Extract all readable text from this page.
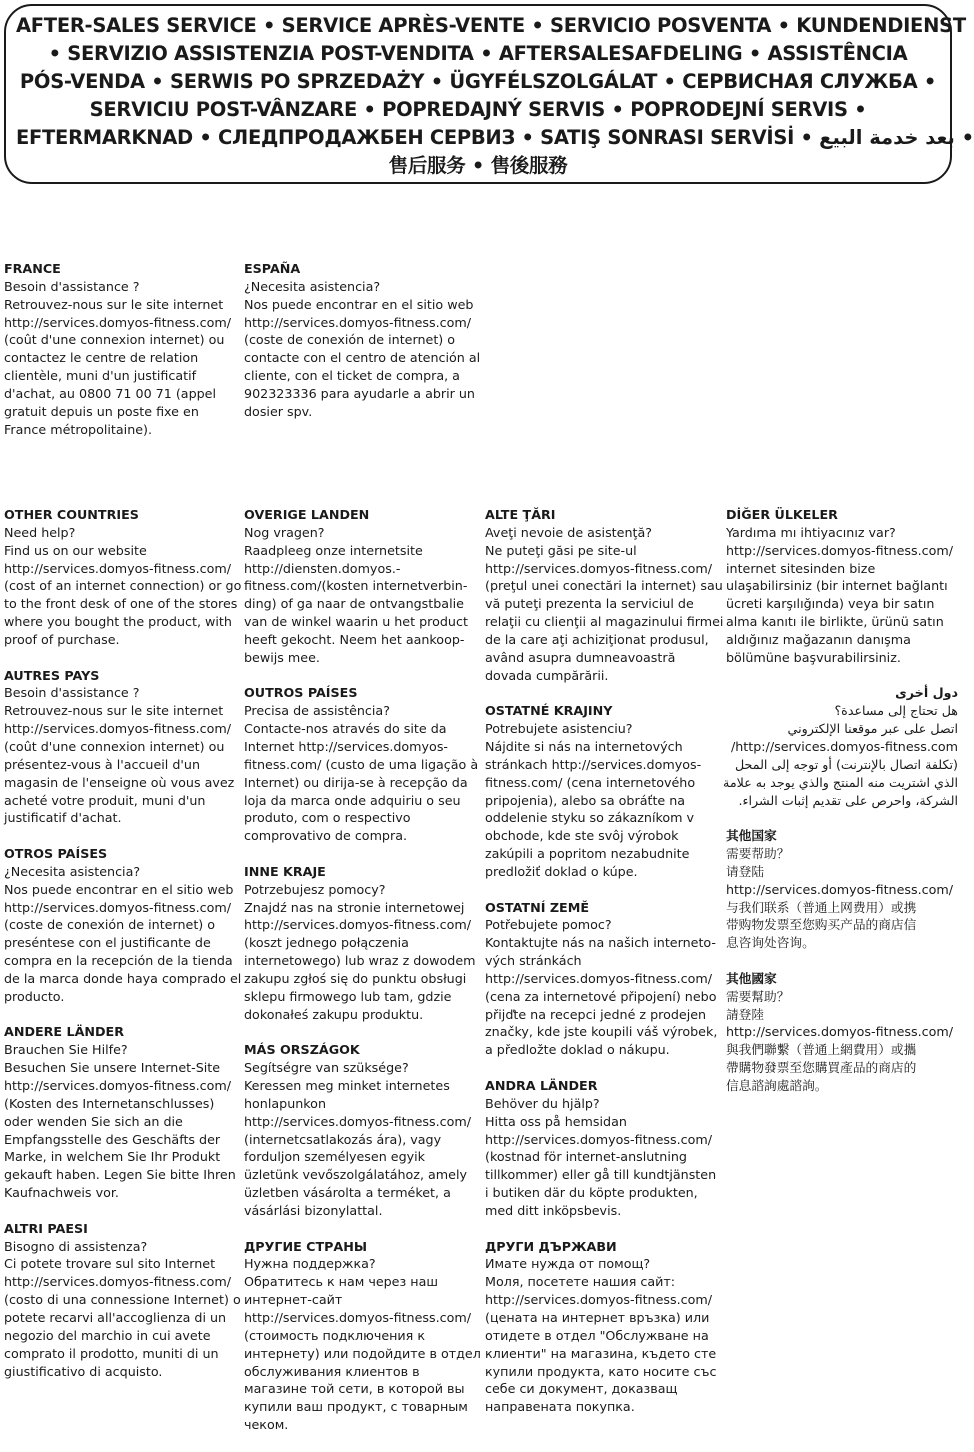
AFTER-SALES SERVICE • SERVICE APRÈS-VENTE • SERVICIO POSVENTA • KUNDENDIENST
• SERVIZIO ASSISTENZIA POST-VENDITA • AFTERSALESAFDELING • ASSISTÊNCIA
PÓS-VENDA • SERWIS PO SPRZEDAŻY • ÜGYFÉLSZOLGÁLAT • СЕРВИСНАЯ СЛУЖБА •
SERVICIU POST-VÂNZARE • POPREDAJNÝ SERVIS • POPRODEJNÍ SERVIS •
EFTERMARKNAD • СЛЕДПРОДАЖБЕН СЕРВИЗ • SATIŞ SONRASI SERVİSİ • بعد خدمة البيع •
售后服务 • 售後服務
FRANCE
Besoin d'assistance ?
Retrouvez-nous sur le site internet
http://services.domyos-fitness.com/
(coût d'une connexion internet) ou
contactez le centre de relation
clientèle, muni d'un justificatif
d'achat, au 0800 71 00 71 (appel
gratuit depuis un poste fixe en
France métropolitaine).
ESPAÑA
¿Necesita asistencia?
Nos puede encontrar en el sitio web
http://services.domyos-fitness.com/
(coste de conexión de internet) o
contacte con el centro de atención al
cliente, con el ticket de compra, a
902323336 para ayudarle a abrir un
dosier spv.
OTHER COUNTRIES
Need help?
Find us on our website
http://services.domyos-fitness.com/
(cost of an internet connection) or go
to the front desk of one of the stores
where you bought the product, with
proof of purchase.
AUTRES PAYS
Besoin d'assistance ?
Retrouvez-nous sur le site internet
http://services.domyos-fitness.com/
(coût d'une connexion internet) ou
présentez-vous à l'accueil d'un
magasin de l'enseigne où vous avez
acheté votre produit, muni d'un
justificatif d'achat.
OTROS PAÍSES
¿Necesita asistencia?
Nos puede encontrar en el sitio web
http://services.domyos-fitness.com/
(coste de conexión de internet) o
preséntese con el justificante de
compra en la recepción de la tienda
de la marca donde haya comprado el
producto.
ANDERE LÄNDER
Brauchen Sie Hilfe?
Besuchen Sie unsere Internet-Site
http://services.domyos-fitness.com/
(Kosten des Internetanschlusses)
oder wenden Sie sich an die
Empfangsstelle des Geschäfts der
Marke, in welchem Sie Ihr Produkt
gekauft haben. Legen Sie bitte Ihren
Kaufnachweis vor.
ALTRI PAESI
Bisogno di assistenza?
Ci potete trovare sul sito Internet
http://services.domyos-fitness.com/
(costo di una connessione Internet) o
potete recarvi all'accoglienza di un
negozio del marchio in cui avete
comprato il prodotto, muniti di un
giustificativo di acquisto.
OVERIGE LANDEN
Nog vragen?
Raadpleeg onze internetsite
http://diensten.domyos.-
fitness.com/(kosten internetverbin-
ding) of ga naar de ontvangstbalie
van de winkel waarin u het product
heeft gekocht. Neem het aankoop-
bewijs mee.
OUTROS PAÍSES
Precisa de assistência?
Contacte-nos através do site da
Internet http://services.domyos-
fitness.com/ (custo de uma ligação à
Internet) ou dirija-se à recepção da
loja da marca onde adquiriu o seu
produto, com o respectivo
comprovativo de compra.
INNE KRAJE
Potrzebujesz pomocy?
Znajdź nas na stronie internetowej
http://services.domyos-fitness.com/
(koszt jednego połączenia
internetowego) lub wraz z dowodem
zakupu zgłoś się do punktu obsługi
sklepu firmowego lub tam, gdzie
dokonałeś zakupu produktu.
MÁS ORSZÁGOK
Segítségre van szüksége?
Keressen meg minket internetes
honlapunkon
http://services.domyos-fitness.com/
(internetcsatlakozás ára), vagy
forduljon személyesen egyik
üzletünk vevőszolgálatához, amely
üzletben vásárolta a terméket, a
vásárlási bizonylattal.
ДРУГИЕ СТРАНЫ
Нужна поддержка?
Обратитесь к нам через наш
интернет-сайт
http://services.domyos-fitness.com/
(стоимость подключения к
интернету) или подойдите в отдел
обслуживания клиентов в
магазине той сети, в которой вы
купили ваш продукт, с товарным
чеком.
ALTE ŢĂRI
Aveţi nevoie de asistenţă?
Ne puteţi găsi pe site-ul
http://services.domyos-fitness.com/
(preţul unei conectări la internet) sau
vă puteţi prezenta la serviciul de
relaţii cu clienţii al magazinului firmei
de la care aţi achiziţionat produsul,
având asupra dumneavoastră
dovada cumpărării.
OSTATNÉ KRAJINY
Potrebujete asistenciu?
Nájdite si nás na internetových
stránkach http://services.domyos-
fitness.com/ (cena internetového
pripojenia), alebo sa obráťte na
oddelenie styku so zákazníkom v
obchode, kde ste svôj výrobok
zakúpili a popritom nezabudnite
predložiť doklad o kúpe.
OSTATNÍ ZEMĚ
Potřebujete pomoc?
Kontaktujte nás na našich interneto-
vých stránkách
http://services.domyos-fitness.com/
(cena za internetové připojení) nebo
přijďte na recepci jedné z prodejen
značky, kde jste koupili váš výrobek,
a předložte doklad o nákupu.
ANDRA LÄNDER
Behöver du hjälp?
Hitta oss på hemsidan
http://services.domyos-fitness.com/
(kostnad för internet-anslutning
tillkommer) eller gå till kundtjänsten
i butiken där du köpte produkten,
med ditt inköpsbevis.
ДРУГИ ДЪРЖАВИ
Имате нужда от помощ?
Моля, посетете нашия сайт:
http://services.domyos-fitness.com/
(цената на интернет връзка) или
отидете в отдел "Обслужване на
клиенти" на магазина, където сте
купили продукта, като носите със
себе си документ, доказващ
направената покупка.
DİĞER ÜLKELER
Yardıma mı ihtiyacınız var?
http://services.domyos-fitness.com/
internet sitesinden bize
ulaşabilirsiniz (bir internet bağlantı
ücreti karşılığında) veya bir satın
alma kanıtı ile birlikte, ürünü satın
aldığınız mağazanın danışma
bölümüne başvurabilirsiniz.
دول أخرى
هل تحتاج إلى مساعدة؟
اتصل على عبر موقعنا الإلكتروني
http://services.domyos-fitness.com/
(تكلفة اتصال بالإنترنت) أو توجه إلى المحل
الذي اشتريت منه المنتج والذي يوجد به علامة
الشركة، واحرص على تقديم إثبات الشراء.
其他国家
需要帮助？
请登陆
http://services.domyos-fitness.com/
与我们联系（普通上网费用）或携
带购物发票至您购买产品的商店信
息咨询处咨询。
其他國家
需要幫助？
請登陸
http://services.domyos-fitness.com/
與我們聯繫（普通上網費用）或攜
帶購物發票至您購買產品的商店的
信息諮詢處諮詢。
